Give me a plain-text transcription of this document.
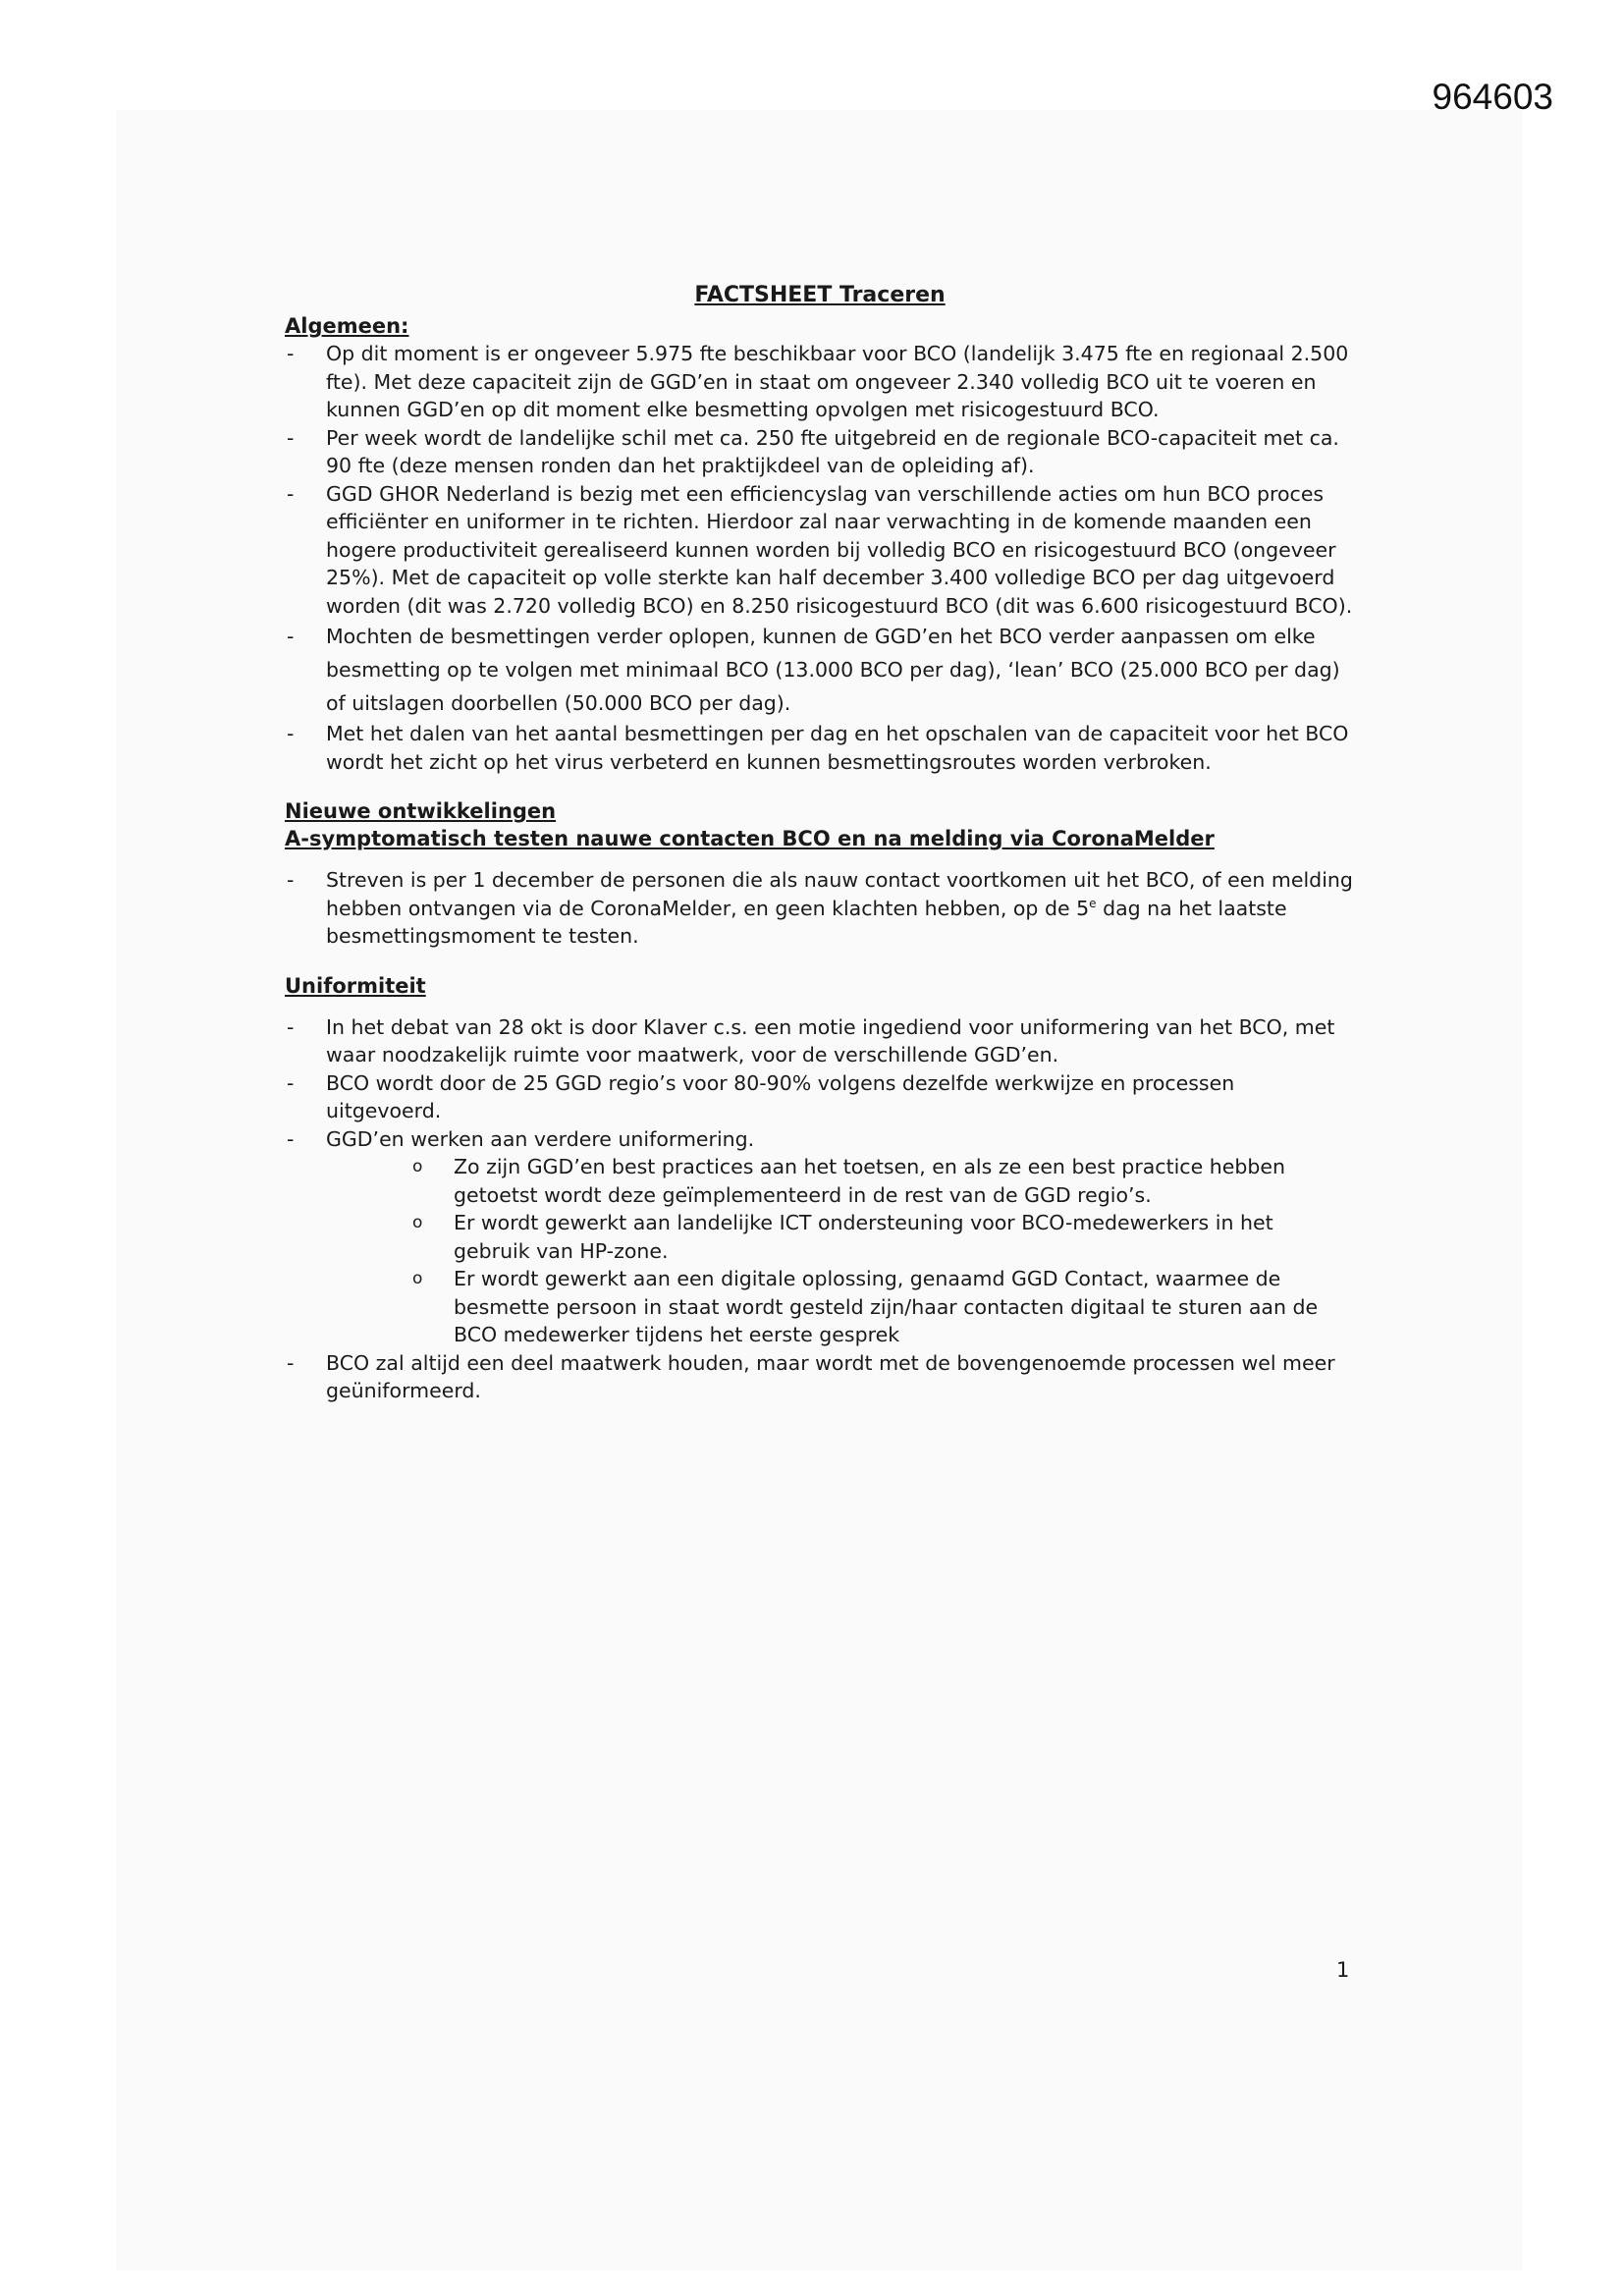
964603
FACTSHEET Traceren
Algemeen:
- Op dit moment is er ongeveer 5.975 fte beschikbaar voor BCO (landelijk 3.475 fte en regionaal 2.500 fte). Met deze capaciteit zijn de GGD’en in staat om ongeveer 2.340 volledig BCO uit te voeren en kunnen GGD’en op dit moment elke besmetting opvolgen met risicogestuurd BCO.
- Per week wordt de landelijke schil met ca. 250 fte uitgebreid en de regionale BCO-capaciteit met ca. 90 fte (deze mensen ronden dan het praktijkdeel van de opleiding af).
- GGD GHOR Nederland is bezig met een efficiencyslag van verschillende acties om hun BCO proces efficiënter en uniformer in te richten. Hierdoor zal naar verwachting in de komende maanden een hogere productiviteit gerealiseerd kunnen worden bij volledig BCO en risicogestuurd BCO (ongeveer 25%). Met de capaciteit op volle sterkte kan half december 3.400 volledige BCO per dag uitgevoerd worden (dit was 2.720 volledig BCO) en 8.250 risicogestuurd BCO (dit was 6.600 risicogestuurd BCO).
- Mochten de besmettingen verder oplopen, kunnen de GGD’en het BCO verder aanpassen om elke besmetting op te volgen met minimaal BCO (13.000 BCO per dag), ‘lean’ BCO (25.000 BCO per dag) of uitslagen doorbellen (50.000 BCO per dag).
- Met het dalen van het aantal besmettingen per dag en het opschalen van de capaciteit voor het BCO wordt het zicht op het virus verbeterd en kunnen besmettingsroutes worden verbroken.
Nieuwe ontwikkelingen
A-symptomatisch testen nauwe contacten BCO en na melding via CoronaMelder
- Streven is per 1 december de personen die als nauw contact voortkomen uit het BCO, of een melding hebben ontvangen via de CoronaMelder, en geen klachten hebben, op de 5e dag na het laatste besmettingsmoment te testen.
Uniformiteit
- In het debat van 28 okt is door Klaver c.s. een motie ingediend voor uniformering van het BCO, met waar noodzakelijk ruimte voor maatwerk, voor de verschillende GGD’en.
- BCO wordt door de 25 GGD regio’s voor 80-90% volgens dezelfde werkwijze en processen uitgevoerd.
- GGD’en werken aan verdere uniformering.
o Zo zijn GGD’en best practices aan het toetsen, en als ze een best practice hebben getoetst wordt deze geïmplementeerd in de rest van de GGD regio’s.
o Er wordt gewerkt aan landelijke ICT ondersteuning voor BCO-medewerkers in het gebruik van HP-zone.
o Er wordt gewerkt aan een digitale oplossing, genaamd GGD Contact, waarmee de besmette persoon in staat wordt gesteld zijn/haar contacten digitaal te sturen aan de BCO medewerker tijdens het eerste gesprek
- BCO zal altijd een deel maatwerk houden, maar wordt met de bovengenoemde processen wel meer geüniformeerd.
1
